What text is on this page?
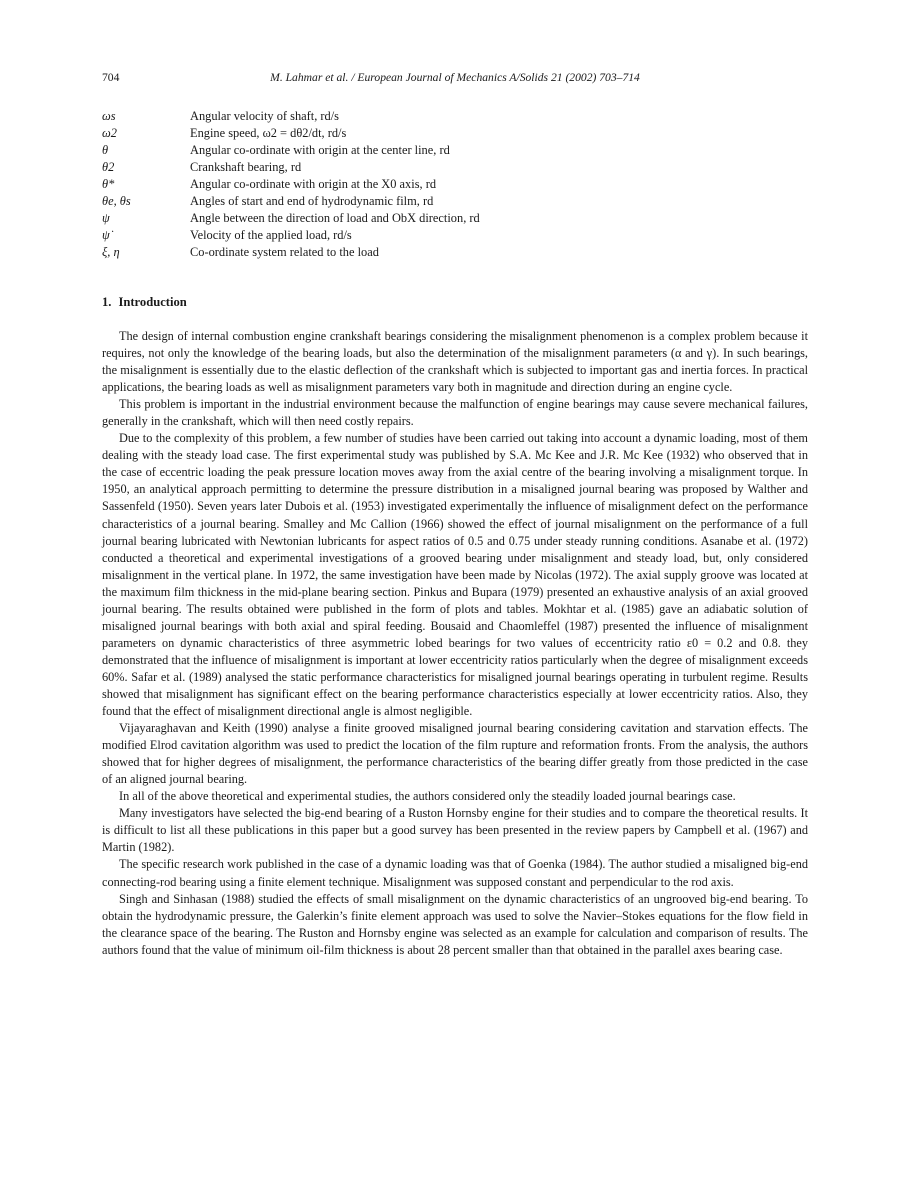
704	M. Lahmar et al. / European Journal of Mechanics A/Solids 21 (2002) 703–714
ωs	Angular velocity of shaft, rd/s
ω2	Engine speed, ω2 = dθ2/dt, rd/s
θ	Angular co-ordinate with origin at the center line, rd
θ2	Crankshaft bearing, rd
θ*	Angular co-ordinate with origin at the X0 axis, rd
θe, θs	Angles of start and end of hydrodynamic film, rd
ψ	Angle between the direction of load and ObX direction, rd
ψ̇	Velocity of the applied load, rd/s
ξ, η	Co-ordinate system related to the load
1. Introduction

The design of internal combustion engine crankshaft bearings considering the misalignment phenomenon is a complex problem because it requires, not only the knowledge of the bearing loads, but also the determination of the misalignment parameters (α and γ). In such bearings, the misalignment is essentially due to the elastic deflection of the crankshaft which is subjected to important gas and inertia forces. In practical applications, the bearing loads as well as misalignment parameters vary both in magnitude and direction during an engine cycle.

This problem is important in the industrial environment because the malfunction of engine bearings may cause severe mechanical failures, generally in the crankshaft, which will then need costly repairs.

Due to the complexity of this problem, a few number of studies have been carried out taking into account a dynamic loading, most of them dealing with the steady load case. The first experimental study was published by S.A. Mc Kee and J.R. Mc Kee (1932) who observed that in the case of eccentric loading the peak pressure location moves away from the axial centre of the bearing involving a misalignment torque. In 1950, an analytical approach permitting to determine the pressure distribution in a misaligned journal bearing was proposed by Walther and Sassenfeld (1950). Seven years later Dubois et al. (1953) investigated experimentally the influence of misalignment defect on the performance characteristics of a journal bearing. Smalley and Mc Callion (1966) showed the effect of journal misalignment on the performance of a full journal bearing lubricated with Newtonian lubricants for aspect ratios of 0.5 and 0.75 under steady running conditions. Asanabe et al. (1972) conducted a theoretical and experimental investigations of a grooved bearing under misalignment and steady load, but, only considered misalignment in the vertical plane. In 1972, the same investigation have been made by Nicolas (1972). The axial supply groove was located at the maximum film thickness in the mid-plane bearing section. Pinkus and Bupara (1979) presented an exhaustive analysis of an axial grooved journal bearing. The results obtained were published in the form of plots and tables. Mokhtar et al. (1985) gave an adiabatic solution of misaligned journal bearings with both axial and spiral feeding. Bousaid and Chaomleffel (1987) presented the influence of misalignment parameters on dynamic characteristics of three asymmetric lobed bearings for two values of eccentricity ratio ε0 = 0.2 and 0.8. they demonstrated that the influence of misalignment is important at lower eccentricity ratios particularly when the degree of misalignment exceeds 60%. Safar et al. (1989) analysed the static performance characteristics for misaligned journal bearings operating in turbulent regime. Results showed that misalignment has significant effect on the bearing performance characteristics especially at lower eccentricity ratios. Also, they found that the effect of misalignment directional angle is almost negligible.

Vijayaraghavan and Keith (1990) analyse a finite grooved misaligned journal bearing considering cavitation and starvation effects. The modified Elrod cavitation algorithm was used to predict the location of the film rupture and reformation fronts. From the analysis, the authors showed that for higher degrees of misalignment, the performance characteristics of the bearing differ greatly from those predicted in the case of an aligned journal bearing.

In all of the above theoretical and experimental studies, the authors considered only the steadily loaded journal bearings case.

Many investigators have selected the big-end bearing of a Ruston Hornsby engine for their studies and to compare the theoretical results. It is difficult to list all these publications in this paper but a good survey has been presented in the review papers by Campbell et al. (1967) and Martin (1982).

The specific research work published in the case of a dynamic loading was that of Goenka (1984). The author studied a misaligned big-end connecting-rod bearing using a finite element technique. Misalignment was supposed constant and perpendicular to the rod axis.

Singh and Sinhasan (1988) studied the effects of small misalignment on the dynamic characteristics of an ungrooved big-end bearing. To obtain the hydrodynamic pressure, the Galerkin’s finite element approach was used to solve the Navier–Stokes equations for the flow field in the clearance space of the bearing. The Ruston and Hornsby engine was selected as an example for calculation and comparison of results. The authors found that the value of minimum oil-film thickness is about 28 percent smaller than that obtained in the parallel axes bearing case.
